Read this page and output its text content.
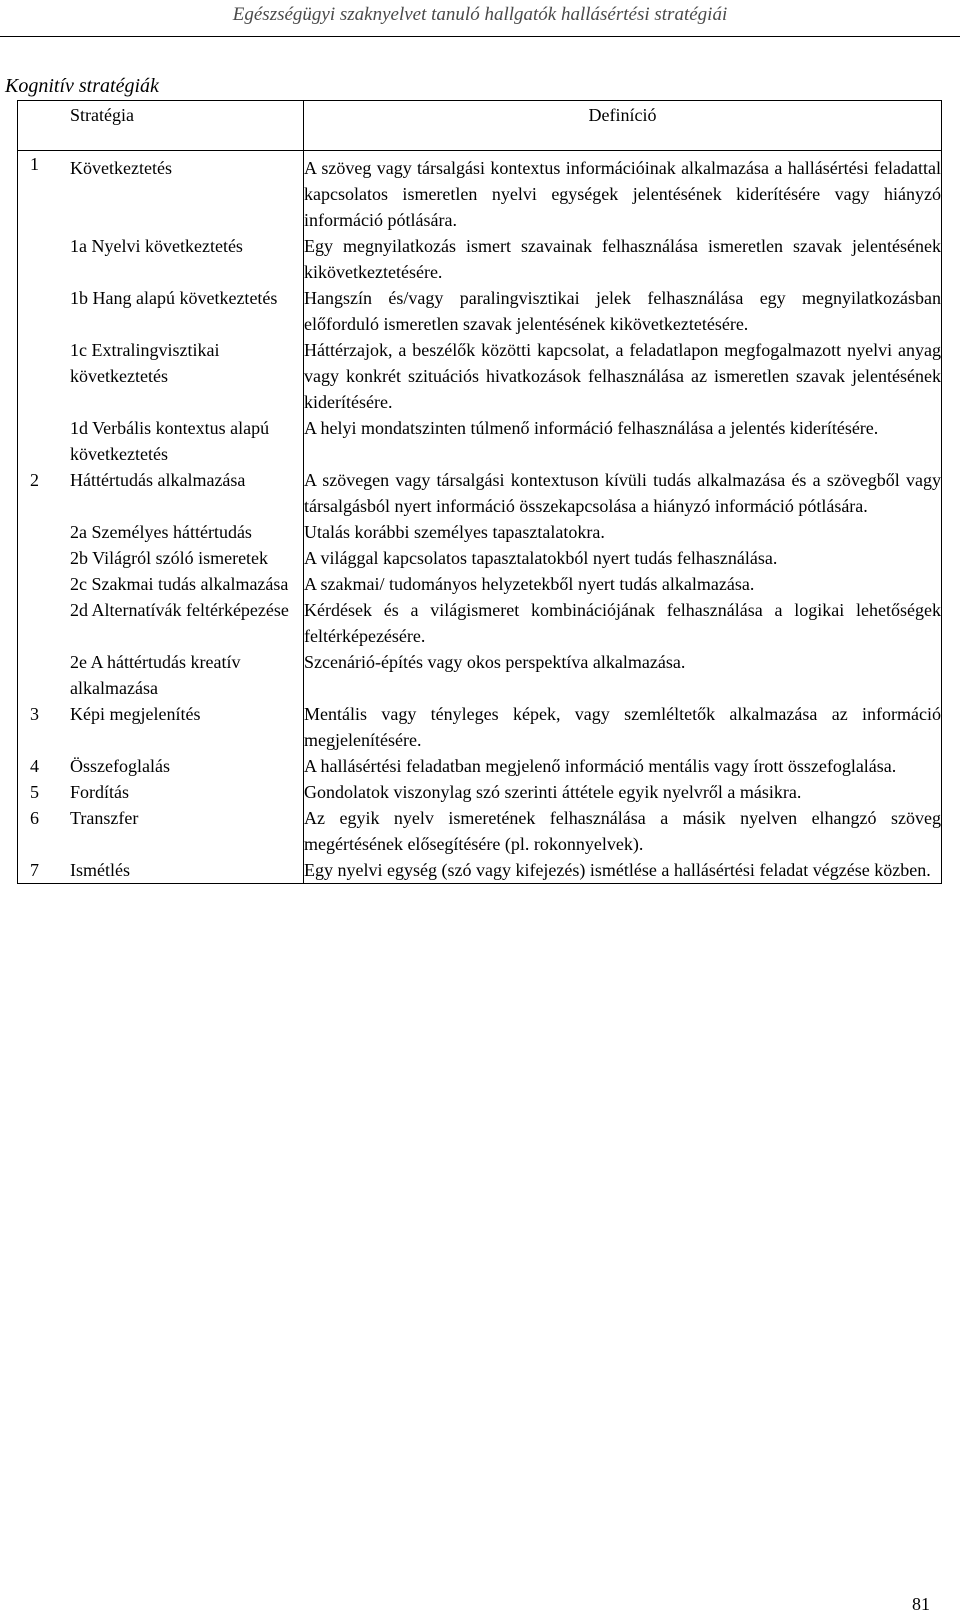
Egészségügyi szaknyelvet tanuló hallgatók hallásértési stratégiái
Kognitív stratégiák
Stratégia	Definíció

1 Következtetés	A szöveg vagy társalgási kontextus információinak alkalmazása a hallásértési feladattal kapcsolatos ismeretlen nyelvi egységek jelentésének kiderítésére vagy hiányzó információ pótlására.

1a Nyelvi következtetés	Egy megnyilatkozás ismert szavainak felhasználása ismeretlen szavak jelentésének kikövetkeztetésére.

1b Hang alapú következtetés	Hangszín és/vagy paralingvisztikai jelek felhasználása egy megnyilatkozásban előforduló ismeretlen szavak jelentésének kikövetkeztetésére.

1c Extralingvisztikai következtetés	Háttérzajok, a beszélők közötti kapcsolat, a feladatlapon megfogalmazott nyelvi anyag vagy konkrét szituációs hivatkozások felhasználása az ismeretlen szavak jelentésének kiderítésére.

1d Verbális kontextus alapú következtetés	A helyi mondatszinten túlmenő információ felhasználása a jelentés kiderítésére.

2 Háttértudás alkalmazása	A szövegen vagy társalgási kontextuson kívüli tudás alkalmazása és a szövegből vagy társalgásból nyert információ összekapcsolása a hiányzó információ pótlására.

2a Személyes háttértudás	Utalás korábbi személyes tapasztalatokra.

2b Világról szóló ismeretek	A világgal kapcsolatos tapasztalatokból nyert tudás felhasználása.

2c Szakmai tudás alkalmazása	A szakmai/ tudományos helyzetekből nyert tudás alkalmazása.

2d Alternatívák feltérképezése	Kérdések és a világismeret kombinációjának felhasználása a logikai lehetőségek feltérképezésére.

2e A háttértudás kreatív alkalmazása	Szcenárió-építés vagy okos perspektíva alkalmazása.

3 Képi megjelenítés	Mentális vagy tényleges képek, vagy szemléltetők alkalmazása az információ megjelenítésére.

4 Összefoglalás	A hallásértési feladatban megjelenő információ mentális vagy írott összefoglalása.

5 Fordítás	Gondolatok viszonylag szó szerinti áttétele egyik nyelvről a másikra.

6 Transzfer	Az egyik nyelv ismeretének felhasználása a másik nyelven elhangzó szöveg megértésének elősegítésére (pl. rokonnyelvek).

7 Ismétlés	Egy nyelvi egység (szó vagy kifejezés) ismétlése a hallásértési feladat végzése közben.
81
